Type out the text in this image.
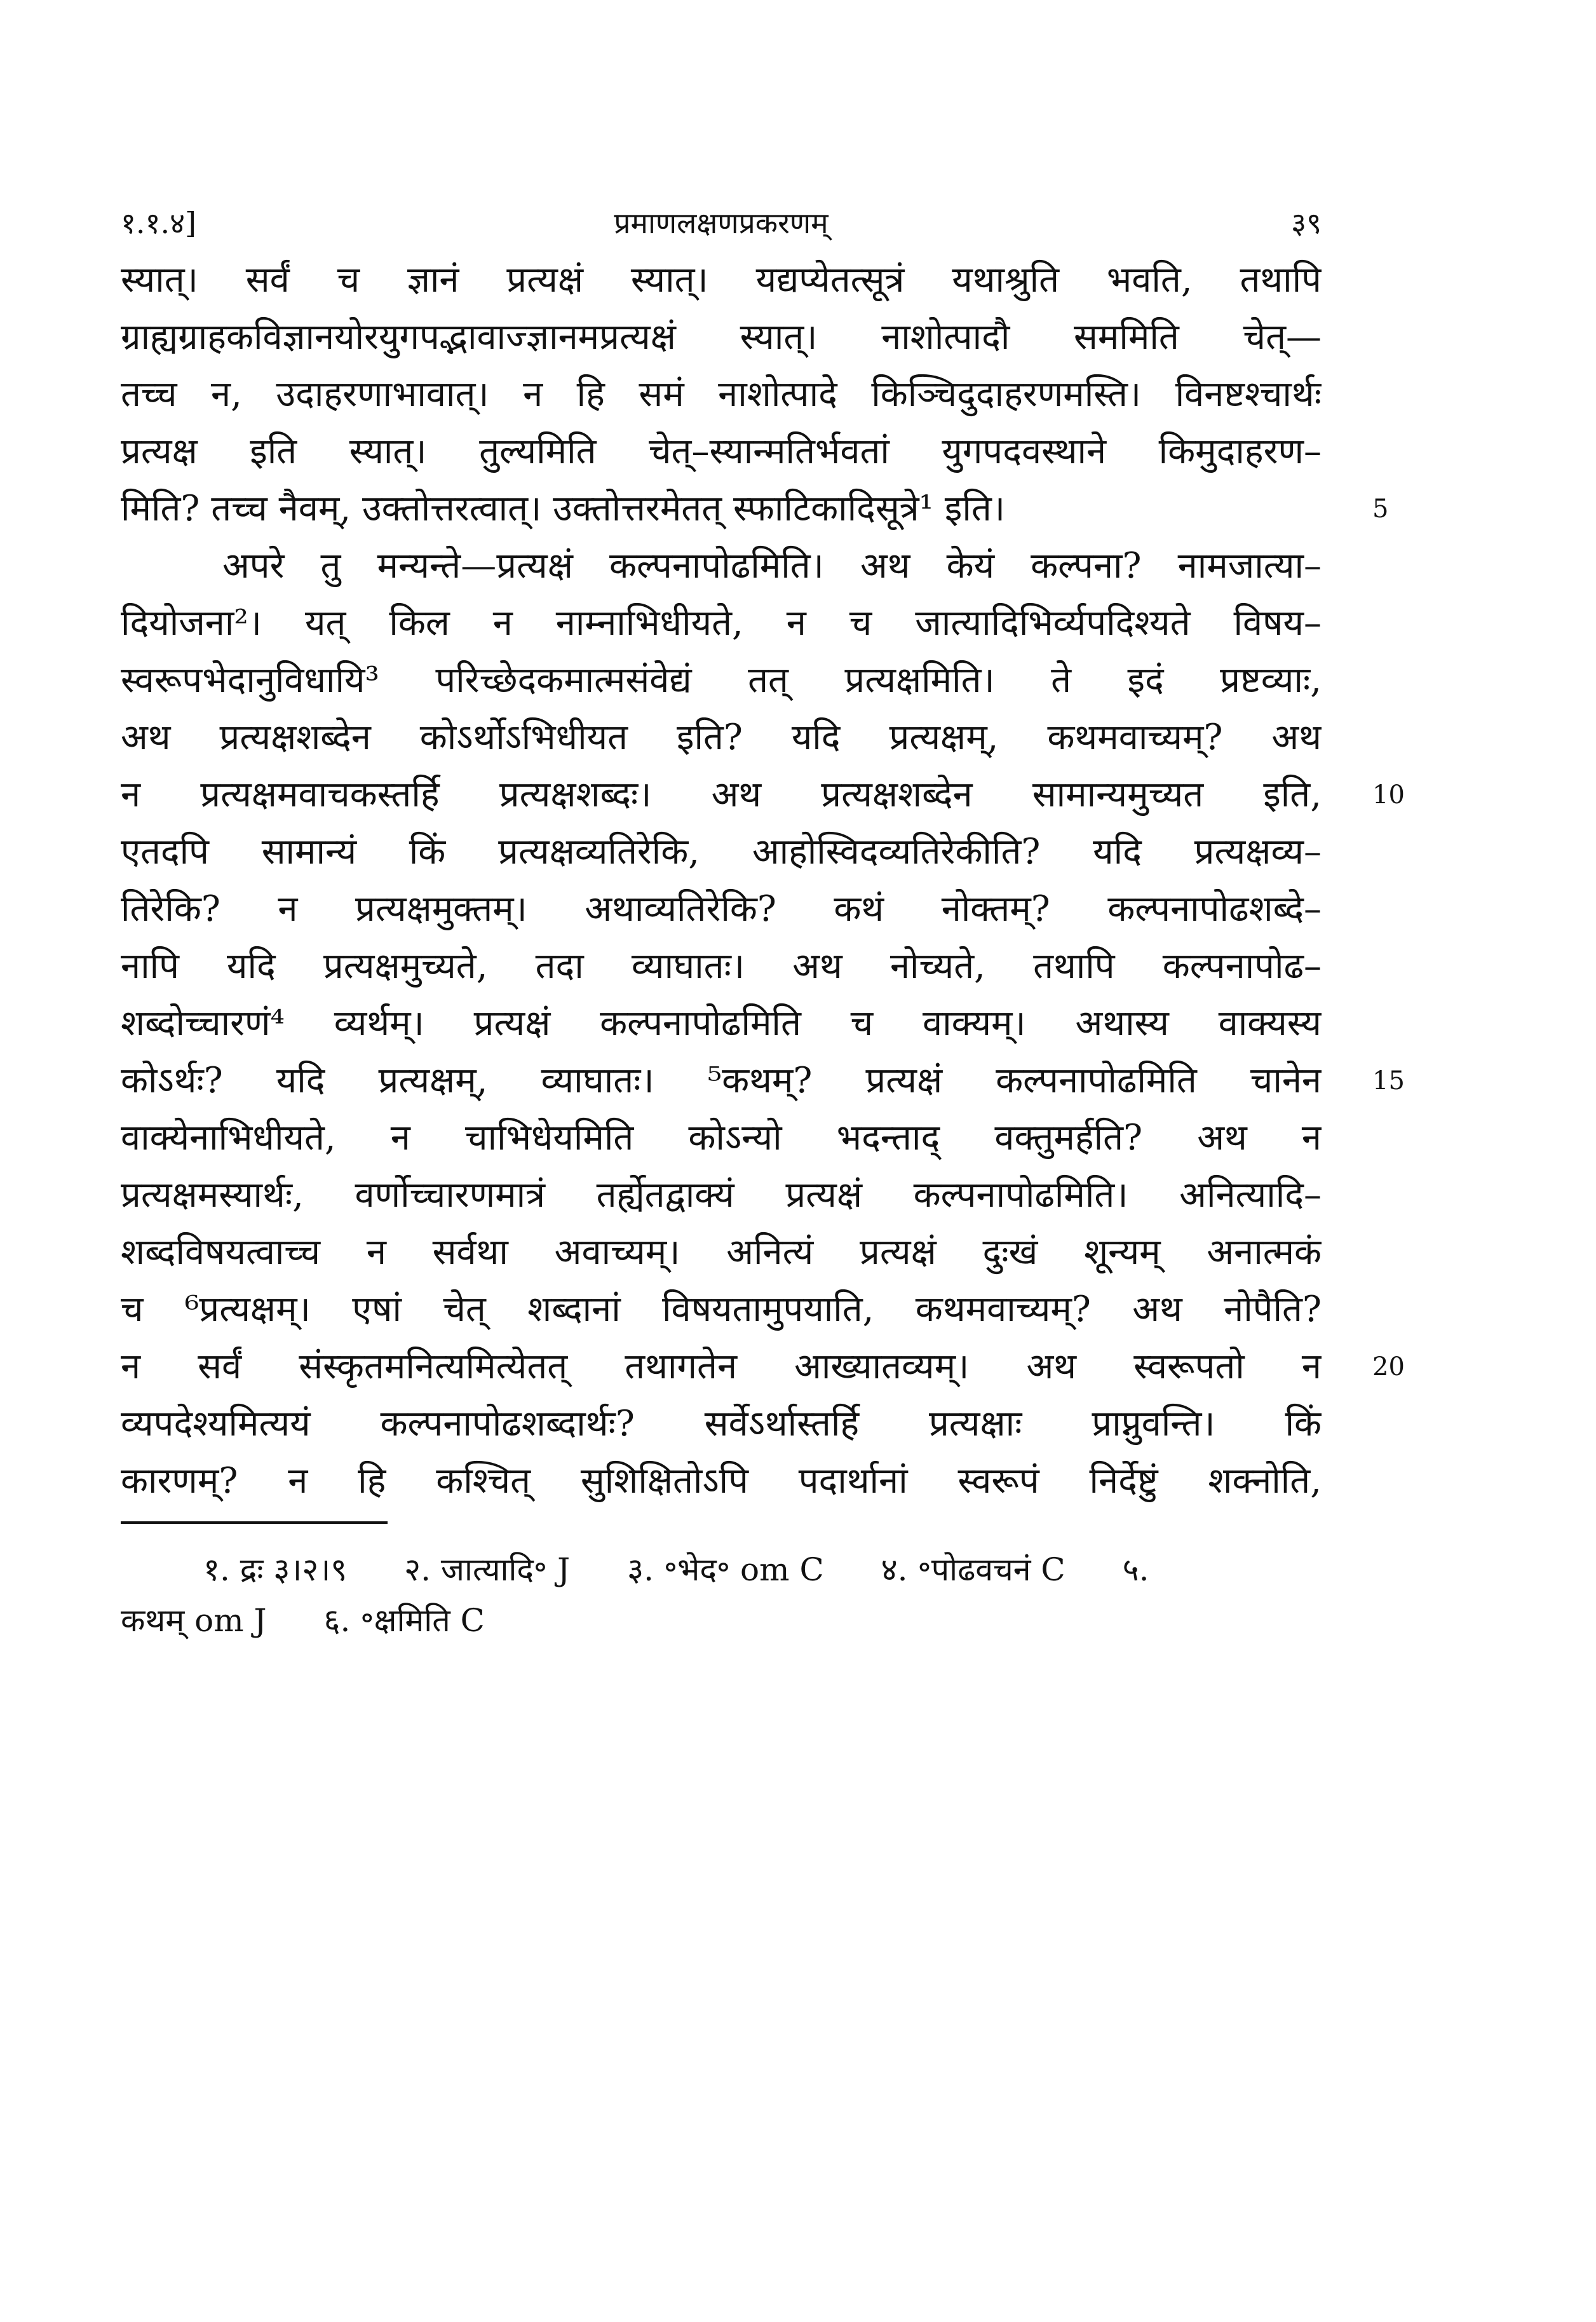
१.१.४]	प्रमाणलक्षणप्रकरणम्	३९
स्यात्। सर्वं च ज्ञानं प्रत्यक्षं स्यात्। यद्यप्येतत्सूत्रं यथाश्रुति भवति, तथापि
ग्राह्यग्राहकविज्ञानयोरयुगपद्भावाज्ज्ञानमप्रत्यक्षं स्यात्। नाशोत्पादौ सममिति चेत्—
तच्च न, उदाहरणाभावात्। न हि समं नाशोत्पादे किञ्चिदुदाहरणमस्ति। विनष्टश्चार्थः
प्रत्यक्ष इति स्यात्। तुल्यमिति चेत्–स्यान्मतिर्भवतां युगपदवस्थाने किमुदाहरण–
मिति? तच्च नैवम्, उक्तोत्तरत्वात्। उक्तोत्तरमेतत् स्फाटिकादिसूत्रे¹ इति।
अपरे तु मन्यन्ते—प्रत्यक्षं कल्पनापोढमिति। अथ केयं कल्पना? नामजात्या–
दियोजना²। यत् किल न नाम्नाभिधीयते, न च जात्यादिभिर्व्यपदिश्यते विषय–
स्वरूपभेदानुविधायि³ परिच्छेदकमात्मसंवेद्यं तत् प्रत्यक्षमिति। ते इदं प्रष्टव्याः,
अथ प्रत्यक्षशब्देन कोऽर्थोऽभिधीयत इति? यदि प्रत्यक्षम्, कथमवाच्यम्? अथ
न प्रत्यक्षमवाचकस्तर्हि प्रत्यक्षशब्दः। अथ प्रत्यक्षशब्देन सामान्यमुच्यत इति,
एतदपि सामान्यं किं प्रत्यक्षव्यतिरेकि, आहोस्विदव्यतिरेकीति? यदि प्रत्यक्षव्य–
तिरेकि? न प्रत्यक्षमुक्तम्। अथाव्यतिरेकि? कथं नोक्तम्? कल्पनापोढशब्दे–
नापि यदि प्रत्यक्षमुच्यते, तदा व्याघातः। अथ नोच्यते, तथापि कल्पनापोढ–
शब्दोच्चारणं⁴ व्यर्थम्। प्रत्यक्षं कल्पनापोढमिति च वाक्यम्। अथास्य वाक्यस्य
कोऽर्थः? यदि प्रत्यक्षम्, व्याघातः। ⁵कथम्? प्रत्यक्षं कल्पनापोढमिति चानेन
वाक्येनाभिधीयते, न चाभिधेयमिति कोऽन्यो भदन्ताद् वक्तुमर्हति? अथ न
प्रत्यक्षमस्यार्थः, वर्णोच्चारणमात्रं तर्ह्येतद्वाक्यं प्रत्यक्षं कल्पनापोढमिति। अनित्यादि–
शब्दविषयत्वाच्च न सर्वथा अवाच्यम्। अनित्यं प्रत्यक्षं दुःखं शून्यम् अनात्मकं
च ⁶प्रत्यक्षम्। एषां चेत् शब्दानां विषयतामुपयाति, कथमवाच्यम्? अथ नोपैति?
न सर्वं संस्कृतमनित्यमित्येतत् तथागतेन आख्यातव्यम्। अथ स्वरूपतो न
व्यपदेश्यमित्ययं कल्पनापोढशब्दार्थः? सर्वेऽर्थास्तर्हि प्रत्यक्षाः प्राप्नुवन्ति। किं
कारणम्? न हि कश्चित् सुशिक्षितोऽपि पदार्थानां स्वरूपं निर्देष्टुं शक्नोति,
5
10
15
20
१. द्रः ३।२।९ २. जात्यादि॰ J ३. ॰भेद॰ om C ४. ॰पोढवचनं C ५.
कथम् om J ६. ॰क्षमिति C
